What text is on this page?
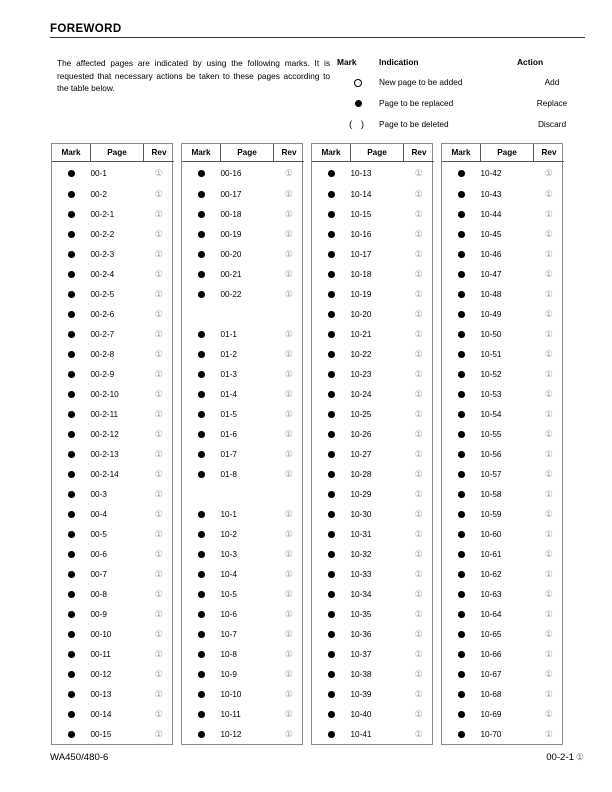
FOREWORD
The affected pages are indicated by using the following marks. It is requested that necessary actions be taken to these pages according to the table below.
Mark	Indication	Action
	New page to be added	Add
	Page to be replaced	Replace
( )	Page to be deleted	Discard
Mark	Page	Rev
	00-1	①
	00-2	①
	00-2-1	①
	00-2-2	①
	00-2-3	①
	00-2-4	①
	00-2-5	①
	00-2-6	①
	00-2-7	①
	00-2-8	①
	00-2-9	①
	00-2-10	①
	00-2-11	①
	00-2-12	①
	00-2-13	①
	00-2-14	①
	00-3	①
	00-4	①
	00-5	①
	00-6	①
	00-7	①
	00-8	①
	00-9	①
	00-10	①
	00-11	①
	00-12	①
	00-13	①
	00-14	①
	00-15	①
Mark	Page	Rev
	00-16	①
	00-17	①
	00-18	①
	00-19	①
	00-20	①
	00-21	①
	00-22	①

	01-1	①
	01-2	①
	01-3	①
	01-4	①
	01-5	①
	01-6	①
	01-7	①
	01-8	①

	10-1	①
	10-2	①
	10-3	①
	10-4	①
	10-5	①
	10-6	①
	10-7	①
	10-8	①
	10-9	①
	10-10	①
	10-11	①
	10-12	①
Mark	Page	Rev
	10-13	①
	10-14	①
	10-15	①
	10-16	①
	10-17	①
	10-18	①
	10-19	①
	10-20	①
	10-21	①
	10-22	①
	10-23	①
	10-24	①
	10-25	①
	10-26	①
	10-27	①
	10-28	①
	10-29	①
	10-30	①
	10-31	①
	10-32	①
	10-33	①
	10-34	①
	10-35	①
	10-36	①
	10-37	①
	10-38	①
	10-39	①
	10-40	①
	10-41	①
Mark	Page	Rev
	10-42	①
	10-43	①
	10-44	①
	10-45	①
	10-46	①
	10-47	①
	10-48	①
	10-49	①
	10-50	①
	10-51	①
	10-52	①
	10-53	①
	10-54	①
	10-55	①
	10-56	①
	10-57	①
	10-58	①
	10-59	①
	10-60	①
	10-61	①
	10-62	①
	10-63	①
	10-64	①
	10-65	①
	10-66	①
	10-67	①
	10-68	①
	10-69	①
	10-70	①
WA450/480-6	00-2-1 ①
